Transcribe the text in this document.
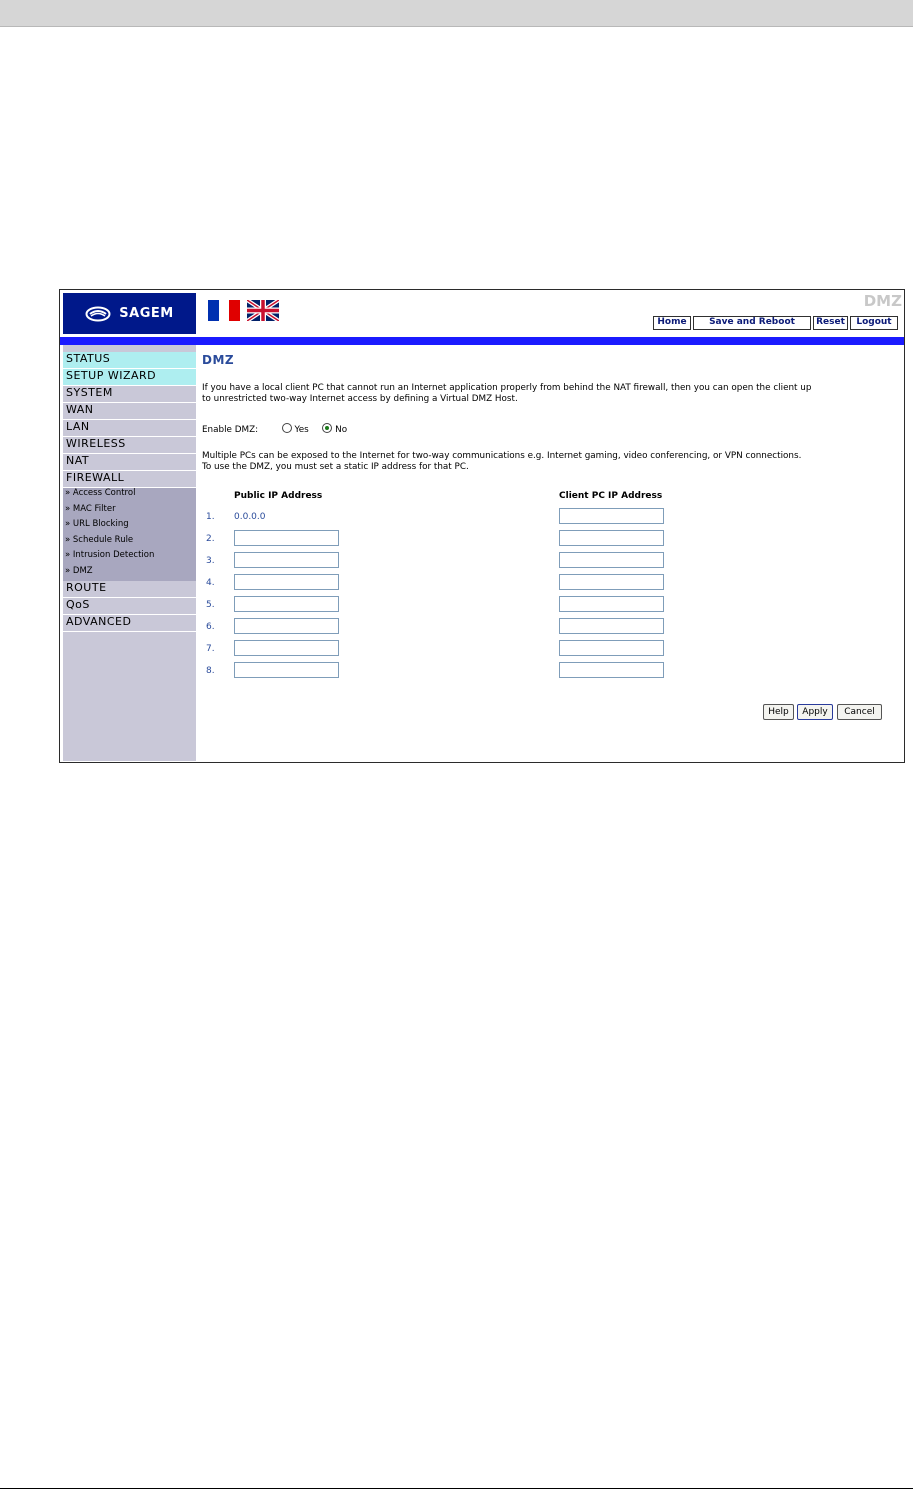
SAGEM
DMZ
Home	Save and Reboot	Reset	Logout
STATUS
SETUP WIZARD
SYSTEM
WAN
LAN
WIRELESS
NAT
FIREWALL
» Access Control
» MAC Filter
» URL Blocking
» Schedule Rule
» Intrusion Detection
» DMZ
ROUTE
QoS
ADVANCED
DMZ
If you have a local client PC that cannot run an Internet application properly from behind the NAT firewall, then you can open the client up
to unrestricted two-way Internet access by defining a Virtual DMZ Host.
Enable DMZ:	Yes	No
Multiple PCs can be exposed to the Internet for two-way communications e.g. Internet gaming, video conferencing, or VPN connections.
To use the DMZ, you must set a static IP address for that PC.
Public IP Address	Client PC IP Address
1. 0.0.0.0
2.
3.
4.
5.
6.
7.
8.
Help	Apply	Cancel
